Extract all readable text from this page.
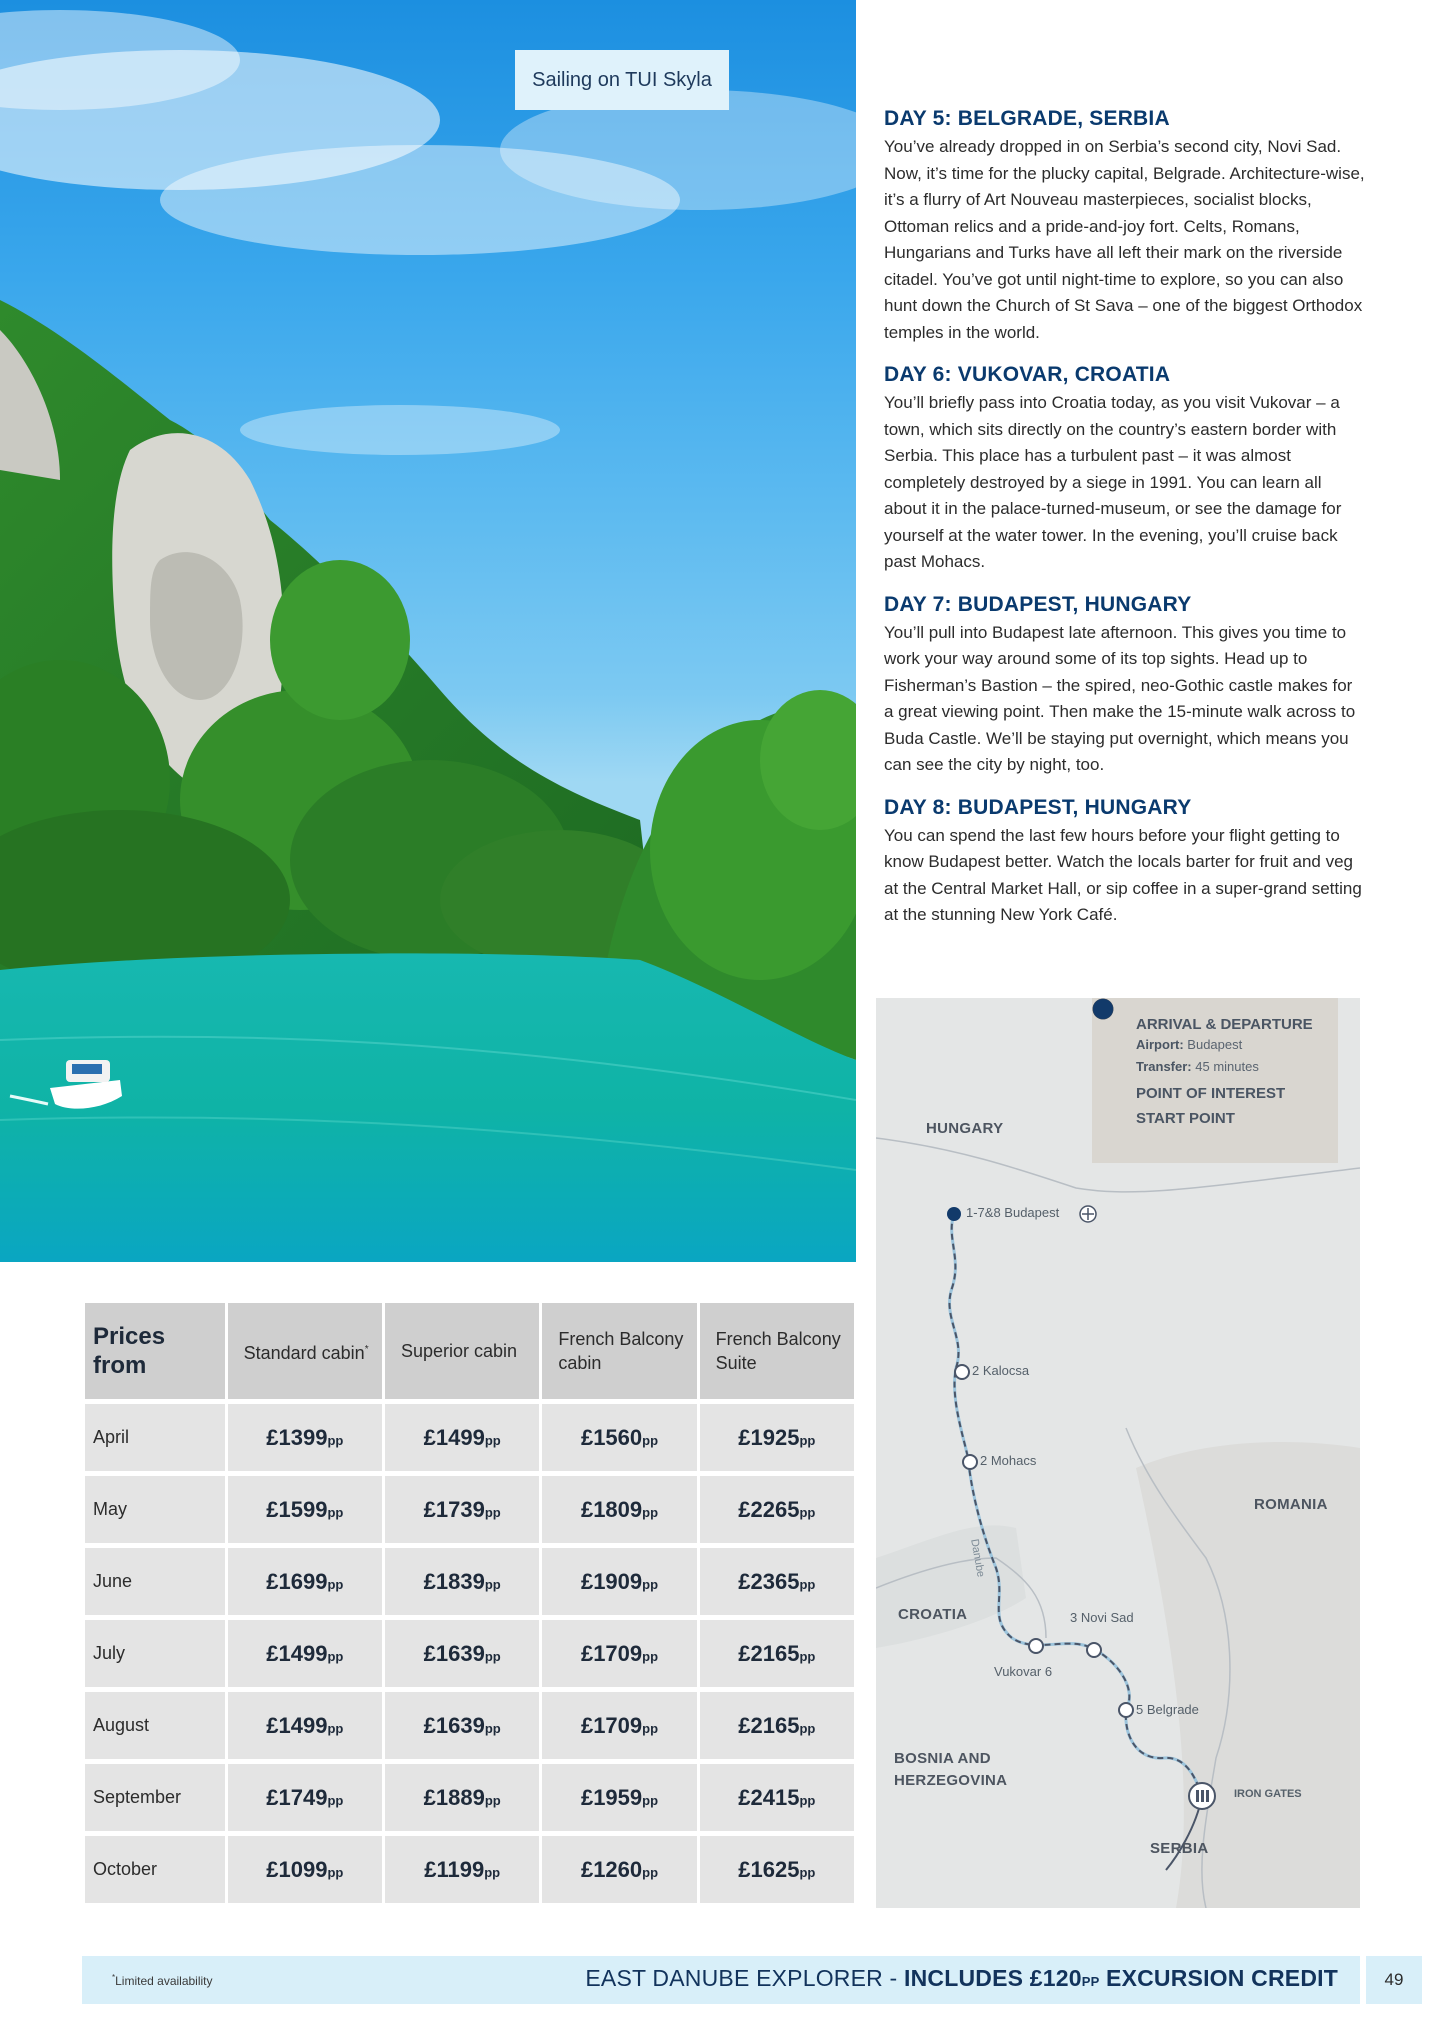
Sailing on TUI Skyla
DAY 5: BELGRADE, SERBIA

You’ve already dropped in on Serbia’s second city, Novi Sad. Now, it’s time for the plucky capital, Belgrade. Architecture-wise, it’s a flurry of Art Nouveau masterpieces, socialist blocks, Ottoman relics and a pride-and-joy fort. Celts, Romans, Hungarians and Turks have all left their mark on the riverside citadel. You’ve got until night-time to explore, so you can also hunt down the Church of St Sava – one of the biggest Orthodox temples in the world.

DAY 6: VUKOVAR, CROATIA

You’ll briefly pass into Croatia today, as you visit Vukovar – a town, which sits directly on the country’s eastern border with Serbia. This place has a turbulent past – it was almost completely destroyed by a siege in 1991. You can learn all about it in the palace-turned-museum, or see the damage for yourself at the water tower. In the evening, you’ll cruise back past Mohacs.

DAY 7: BUDAPEST, HUNGARY

You’ll pull into Budapest late afternoon. This gives you time to work your way around some of its top sights. Head up to Fisherman’s Bastion – the spired, neo-Gothic castle makes for a great viewing point. Then make the 15-minute walk across to Buda Castle. We’ll be staying put overnight, which means you can see the city by night, too.

DAY 8: BUDAPEST, HUNGARY

You can spend the last few hours before your flight getting to know Budapest better. Watch the locals barter for fruit and veg at the Central Market Hall, or sip coffee in a super-grand setting at the stunning New York Café.

ARRIVAL & DEPARTURE
Airport: Budapest
Transfer: 45 minutes
POINT OF INTEREST
START POINT
HUNGARY
ROMANIA
CROATIA
BOSNIA AND
HERZEGOVINA
SERBIA
1-7&8 Budapest
2 Kalocsa
2 Mohacs
3 Novi Sad
Vukovar 6
5 Belgrade
IRON GATES
Danube
Prices
from	Standard cabin*	Superior cabin	French Balcony cabin	French Balcony Suite
April	£1399pp	£1499pp	£1560pp	£1925pp
May	£1599pp	£1739pp	£1809pp	£2265pp
June	£1699pp	£1839pp	£1909pp	£2365pp
July	£1499pp	£1639pp	£1709pp	£2165pp
August	£1499pp	£1639pp	£1709pp	£2165pp
September	£1749pp	£1889pp	£1959pp	£2415pp
October	£1099pp	£1199pp	£1260pp	£1625pp
*Limited availability	EAST DANUBE EXPLORER - INCLUDES £120PP EXCURSION CREDIT	49
